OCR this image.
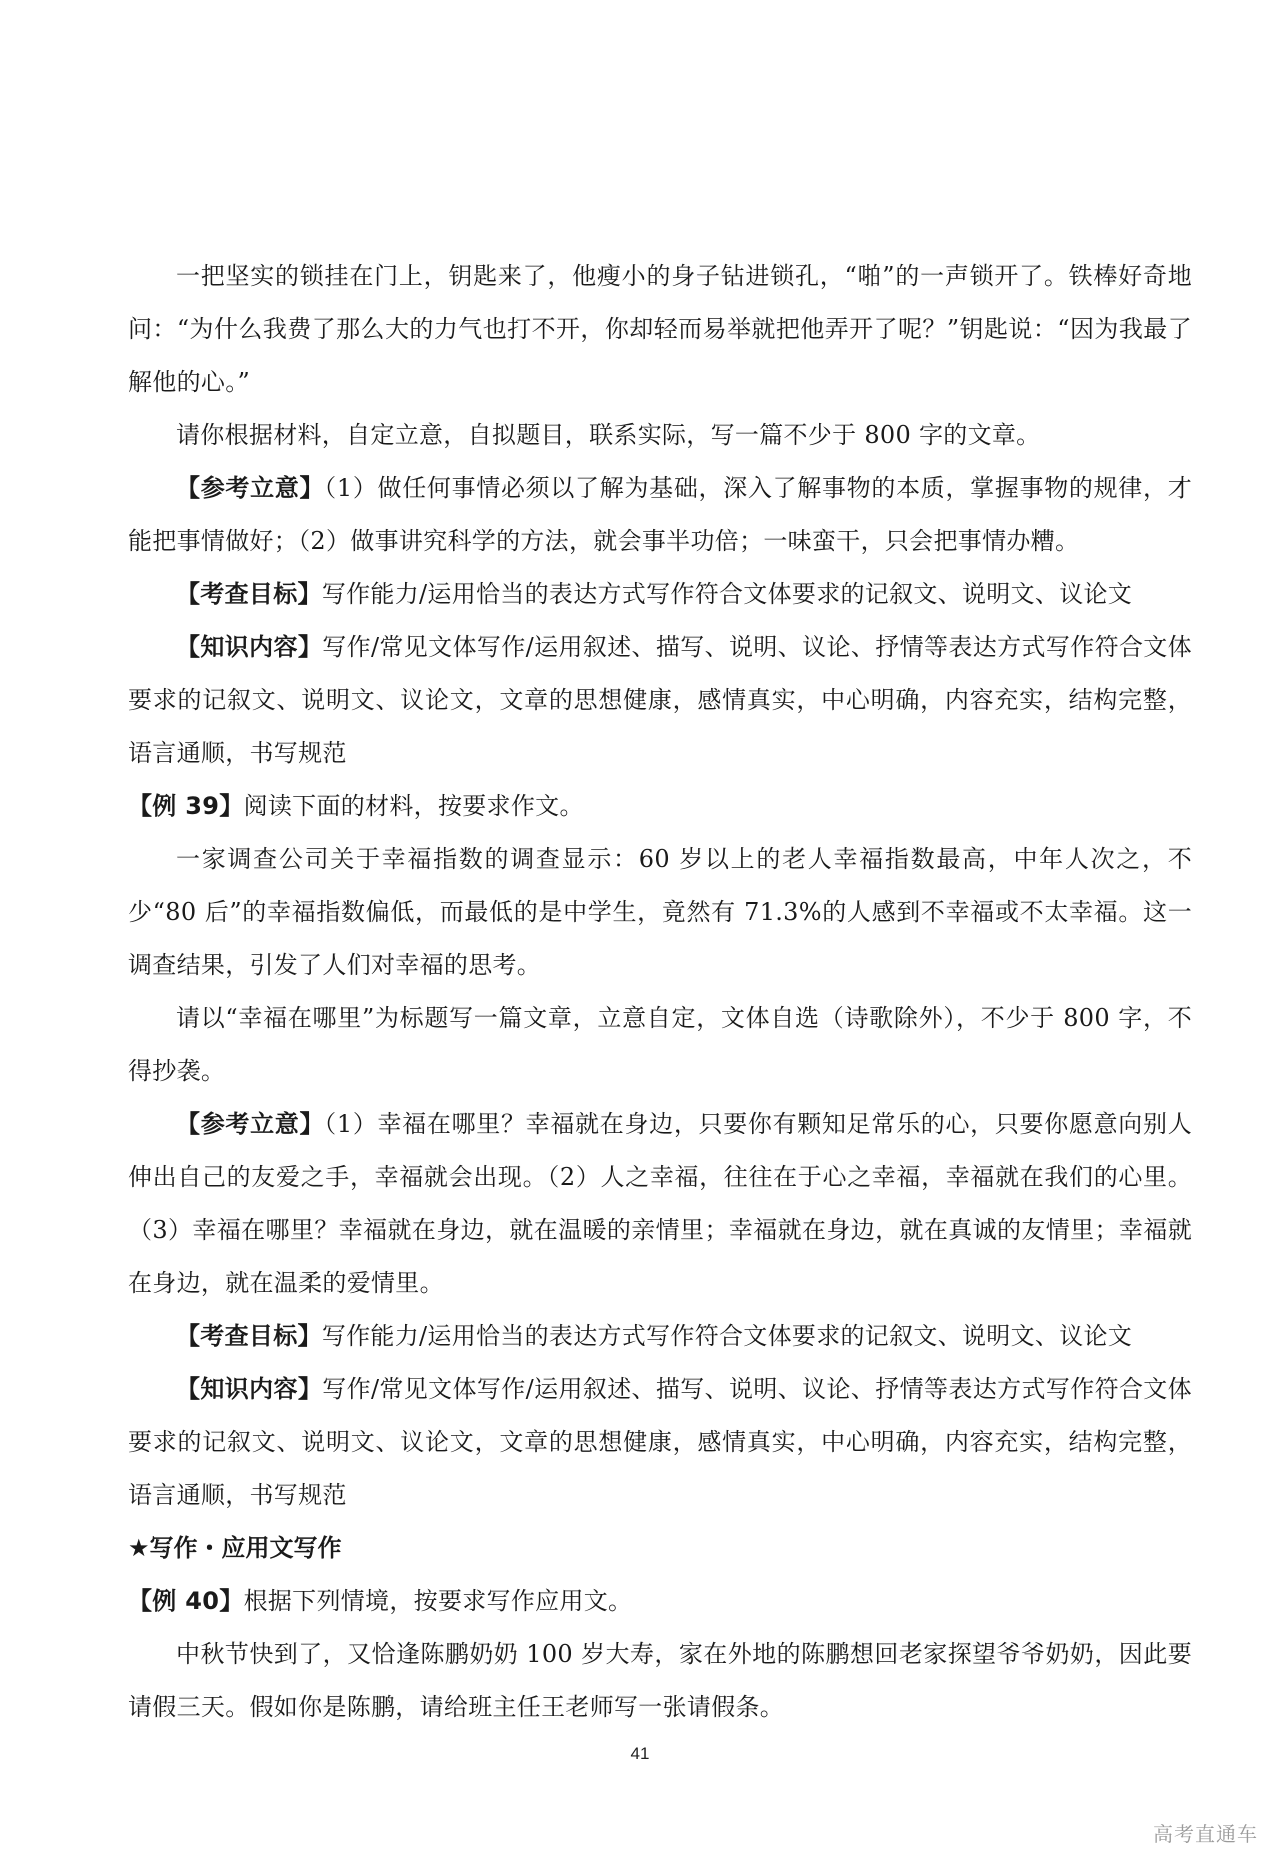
一把坚实的锁挂在门上，钥匙来了，他瘦小的身子钻进锁孔，“啪”的一声锁开了。铁棒好奇地问：“为什么我费了那么大的力气也打不开，你却轻而易举就把他弄开了呢？”钥匙说：“因为我最了解他的心。”

请你根据材料，自定立意，自拟题目，联系实际，写一篇不少于 800 字的文章。

【参考立意】（1）做任何事情必须以了解为基础，深入了解事物的本质，掌握事物的规律，才能把事情做好；（2）做事讲究科学的方法，就会事半功倍；一味蛮干，只会把事情办糟。

【考查目标】写作能力/运用恰当的表达方式写作符合文体要求的记叙文、说明文、议论文

【知识内容】写作/常见文体写作/运用叙述、描写、说明、议论、抒情等表达方式写作符合文体要求的记叙文、说明文、议论文，文章的思想健康，感情真实，中心明确，内容充实，结构完整，语言通顺，书写规范

【例 39】阅读下面的材料，按要求作文。

一家调查公司关于幸福指数的调查显示：60 岁以上的老人幸福指数最高，中年人次之，不少“80 后”的幸福指数偏低，而最低的是中学生，竟然有 71.3%的人感到不幸福或不太幸福。这一调查结果，引发了人们对幸福的思考。

请以“幸福在哪里”为标题写一篇文章，立意自定，文体自选（诗歌除外），不少于 800 字，不得抄袭。

【参考立意】（1）幸福在哪里？幸福就在身边，只要你有颗知足常乐的心，只要你愿意向别人伸出自己的友爱之手，幸福就会出现。（2）人之幸福，往往在于心之幸福，幸福就在我们的心里。（3）幸福在哪里？幸福就在身边，就在温暖的亲情里；幸福就在身边，就在真诚的友情里；幸福就在身边，就在温柔的爱情里。

【考查目标】写作能力/运用恰当的表达方式写作符合文体要求的记叙文、说明文、议论文

【知识内容】写作/常见文体写作/运用叙述、描写、说明、议论、抒情等表达方式写作符合文体要求的记叙文、说明文、议论文，文章的思想健康，感情真实，中心明确，内容充实，结构完整，语言通顺，书写规范

★写作・应用文写作

【例 40】根据下列情境，按要求写作应用文。

中秋节快到了，又恰逢陈鹏奶奶 100 岁大寿，家在外地的陈鹏想回老家探望爷爷奶奶，因此要请假三天。假如你是陈鹏，请给班主任王老师写一张请假条。

41
高考直通车
